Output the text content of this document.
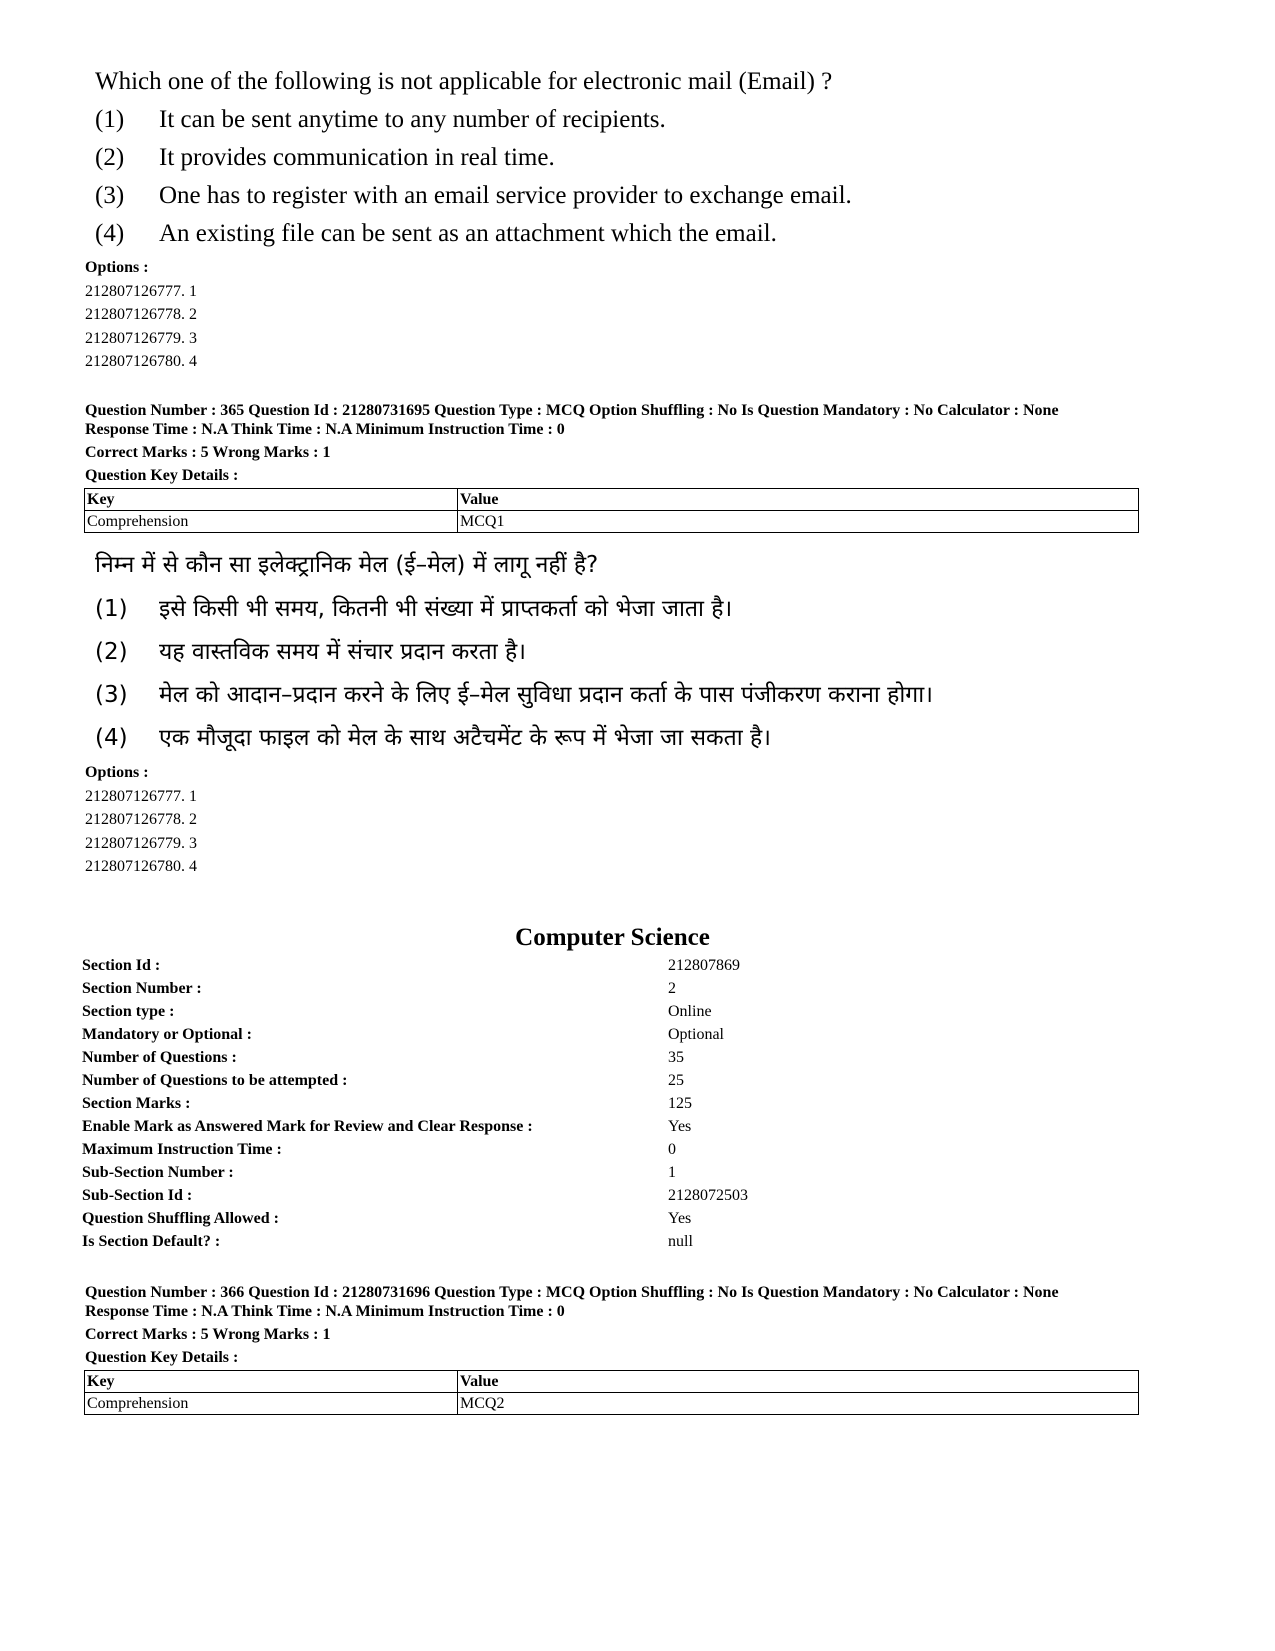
Which one of the following is not applicable for electronic mail (Email) ?
(1) It can be sent anytime to any number of recipients.
(2) It provides communication in real time.
(3) One has to register with an email service provider to exchange email.
(4) An existing file can be sent as an attachment which the email.
Options :
212807126777. 1
212807126778. 2
212807126779. 3
212807126780. 4
Question Number : 365 Question Id : 21280731695 Question Type : MCQ Option Shuffling : No Is Question Mandatory : No Calculator : None
Response Time : N.A Think Time : N.A Minimum Instruction Time : 0
Correct Marks : 5 Wrong Marks : 1
Question Key Details :
Key	Value
Comprehension	MCQ1
निम्न में से कौन सा इलेक्ट्रानिक मेल (ई–मेल) में लागू नहीं है?
(1) इसे किसी भी समय, कितनी भी संख्या में प्राप्तकर्ता को भेजा जाता है।
(2) यह वास्तविक समय में संचार प्रदान करता है।
(3) मेल को आदान–प्रदान करने के लिए ई–मेल सुविधा प्रदान कर्ता के पास पंजीकरण कराना होगा।
(4) एक मौजूदा फाइल को मेल के साथ अटैचमेंट के रूप में भेजा जा सकता है।
Options :
212807126777. 1
212807126778. 2
212807126779. 3
212807126780. 4
Computer Science
Section Id :	212807869
Section Number :	2
Section type :	Online
Mandatory or Optional :	Optional
Number of Questions :	35
Number of Questions to be attempted :	25
Section Marks :	125
Enable Mark as Answered Mark for Review and Clear Response :	Yes
Maximum Instruction Time :	0
Sub-Section Number :	1
Sub-Section Id :	2128072503
Question Shuffling Allowed :	Yes
Is Section Default? :	null
Question Number : 366 Question Id : 21280731696 Question Type : MCQ Option Shuffling : No Is Question Mandatory : No Calculator : None
Response Time : N.A Think Time : N.A Minimum Instruction Time : 0
Correct Marks : 5 Wrong Marks : 1
Question Key Details :
Key	Value
Comprehension	MCQ2
